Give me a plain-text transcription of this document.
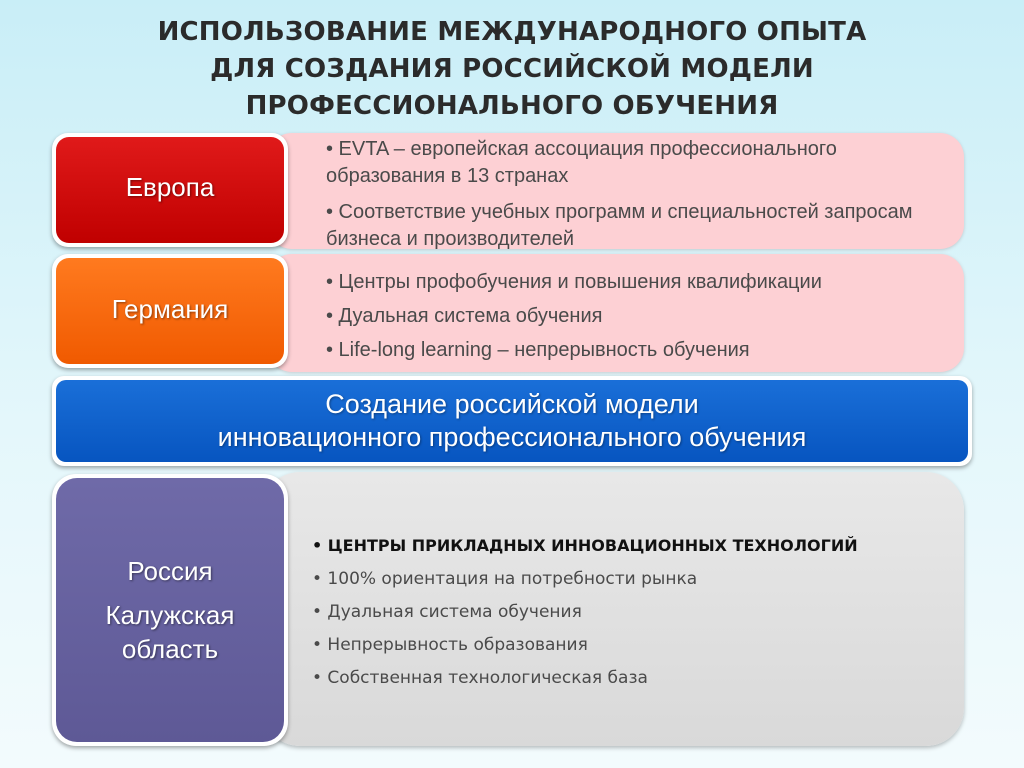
ИСПОЛЬЗОВАНИЕ МЕЖДУНАРОДНОГО ОПЫТА
ДЛЯ СОЗДАНИЯ РОССИЙСКОЙ МОДЕЛИ
ПРОФЕССИОНАЛЬНОГО ОБУЧЕНИЯ
Европа
• EVTA – европейская ассоциация профессионального образования в 13 странах
• Соответствие учебных программ и специальностей запросам бизнеса и производителей
Германия
• Центры профобучения и повышения квалификации
• Дуальная система обучения
• Life-long learning – непрерывность обучения
Создание российской модели
инновационного профессионального обучения
Россия
Калужская
область
• ЦЕНТРЫ ПРИКЛАДНЫХ ИННОВАЦИОННЫХ ТЕХНОЛОГИЙ
• 100% ориентация на потребности рынка
• Дуальная система обучения
• Непрерывность образования
• Собственная технологическая база
